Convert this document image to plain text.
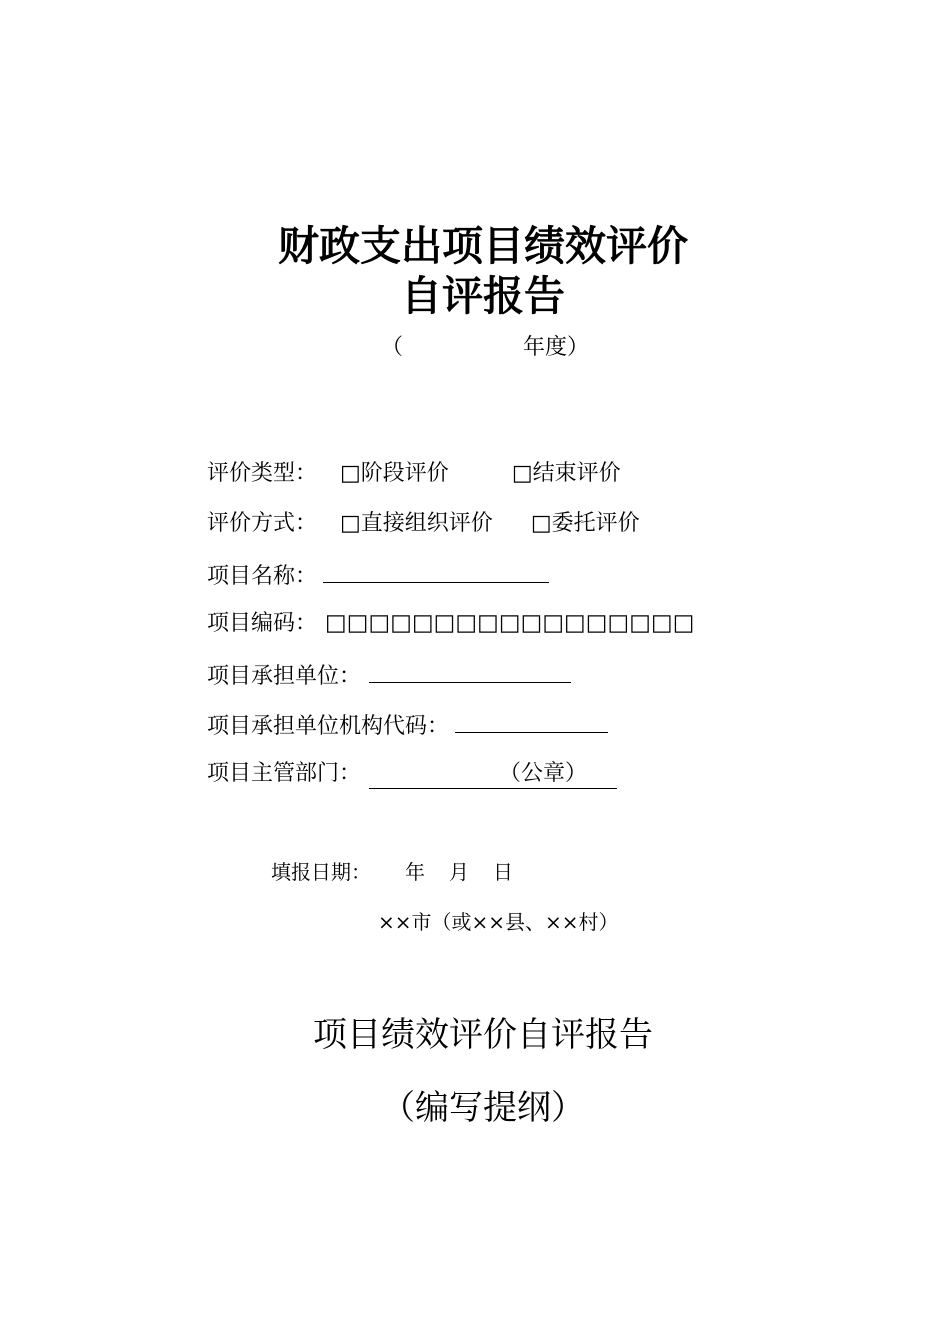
财政支出项目绩效评价
自评报告
（	年度）
评价类型： □阶段评价	□结束评价
评价方式： □直接组织评价 □委托评价
项目名称：
项目编码： □□□□□□□□□□□□□□□□□
项目承担单位：
项目承担单位机构代码：
项目主管部门：	（公章）
填报日期： 年 月 日
××市（或××县、××村）
项目绩效评价自评报告
（编写提纲）
